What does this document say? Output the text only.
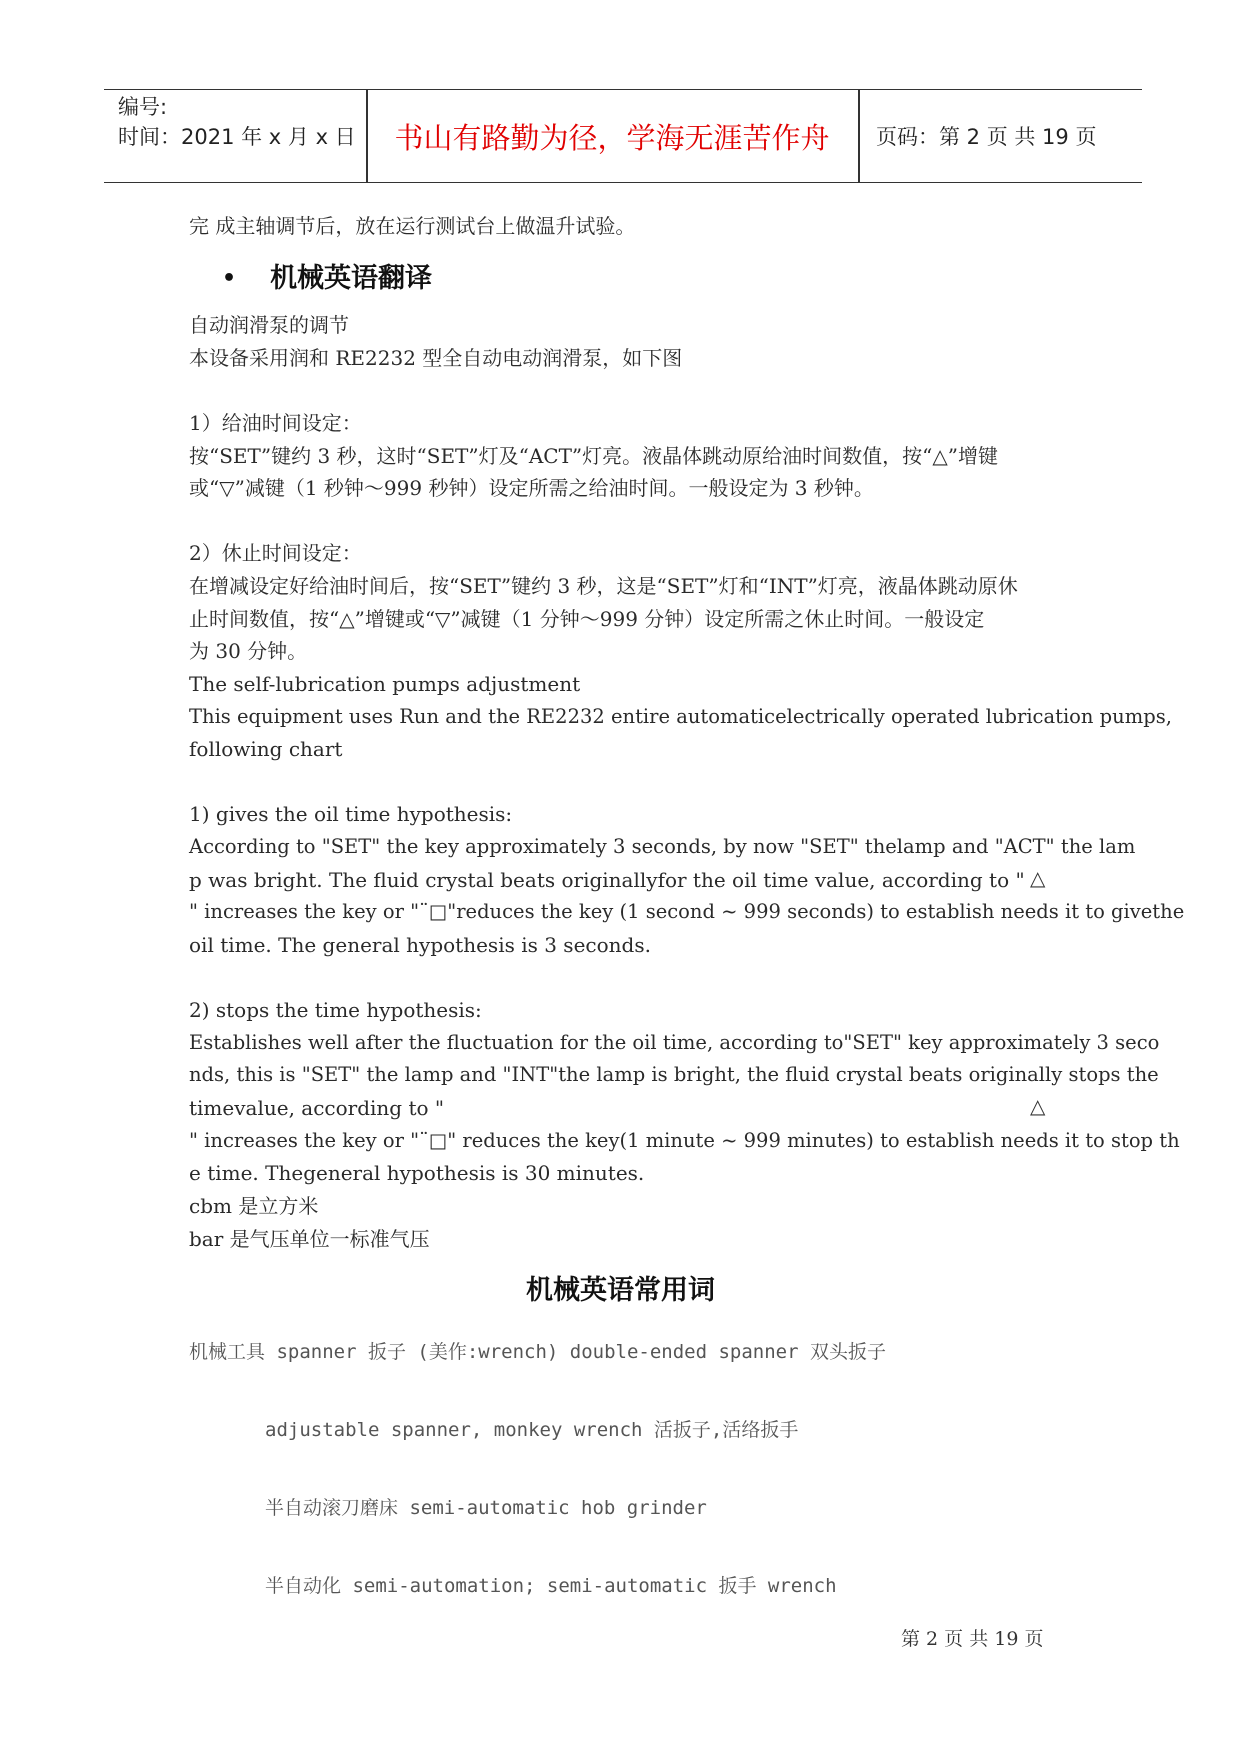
编号:
时间：2021 年 x 月 x 日	书山有路勤为径，学海无涯苦作舟	页码：第 2 页 共 19 页
完 成主轴调节后，放在运行测试台上做温升试验。
• 机械英语翻译
自动润滑泵的调节
本设备采用润和 RE2232 型全自动电动润滑泵，如下图
1）给油时间设定：
按“SET”键约 3 秒，这时“SET”灯及“ACT”灯亮。液晶体跳动原给油时间数值，按“△”增键
或“▽”减键（1 秒钟～999 秒钟）设定所需之给油时间。一般设定为 3 秒钟。
2）休止时间设定：
在增减设定好给油时间后，按“SET”键约 3 秒，这是“SET”灯和“INT”灯亮，液晶体跳动原休
止时间数值，按“△”增键或“▽”减键（1 分钟～999 分钟）设定所需之休止时间。一般设定
为 30 分钟。
The self-lubrication pumps adjustment
This equipment uses Run and the RE2232 entire automaticelectrically operated lubrication pumps,
following chart
1) gives the oil time hypothesis:
According to "SET" the key approximately 3 seconds, by now "SET" thelamp and "ACT" the lam
p was bright. The fluid crystal beats originallyfor the oil time value, according to " △
" increases the key or "¨□"reduces the key (1 second ~ 999 seconds) to establish needs it to givethe
oil time. The general hypothesis is 3 seconds.
2) stops the time hypothesis:
Establishes well after the fluctuation for the oil time, according to"SET" key approximately 3 seco
nds, this is "SET" the lamp and "INT"the lamp is bright, the fluid crystal beats originally stops the
timevalue, according to "	△
" increases the key or "¨□" reduces the key(1 minute ~ 999 minutes) to establish needs it to stop th
e time. Thegeneral hypothesis is 30 minutes.
cbm 是立方米
bar 是气压单位一标准气压
机械英语常用词
机械工具 spanner 扳子 (美作:wrench) double-ended spanner 双头扳子
adjustable spanner, monkey wrench 活扳子,活络扳手
半自动滚刀磨床 semi-automatic hob grinder
半自动化 semi-automation; semi-automatic 扳手 wrench
第 2 页 共 19 页
